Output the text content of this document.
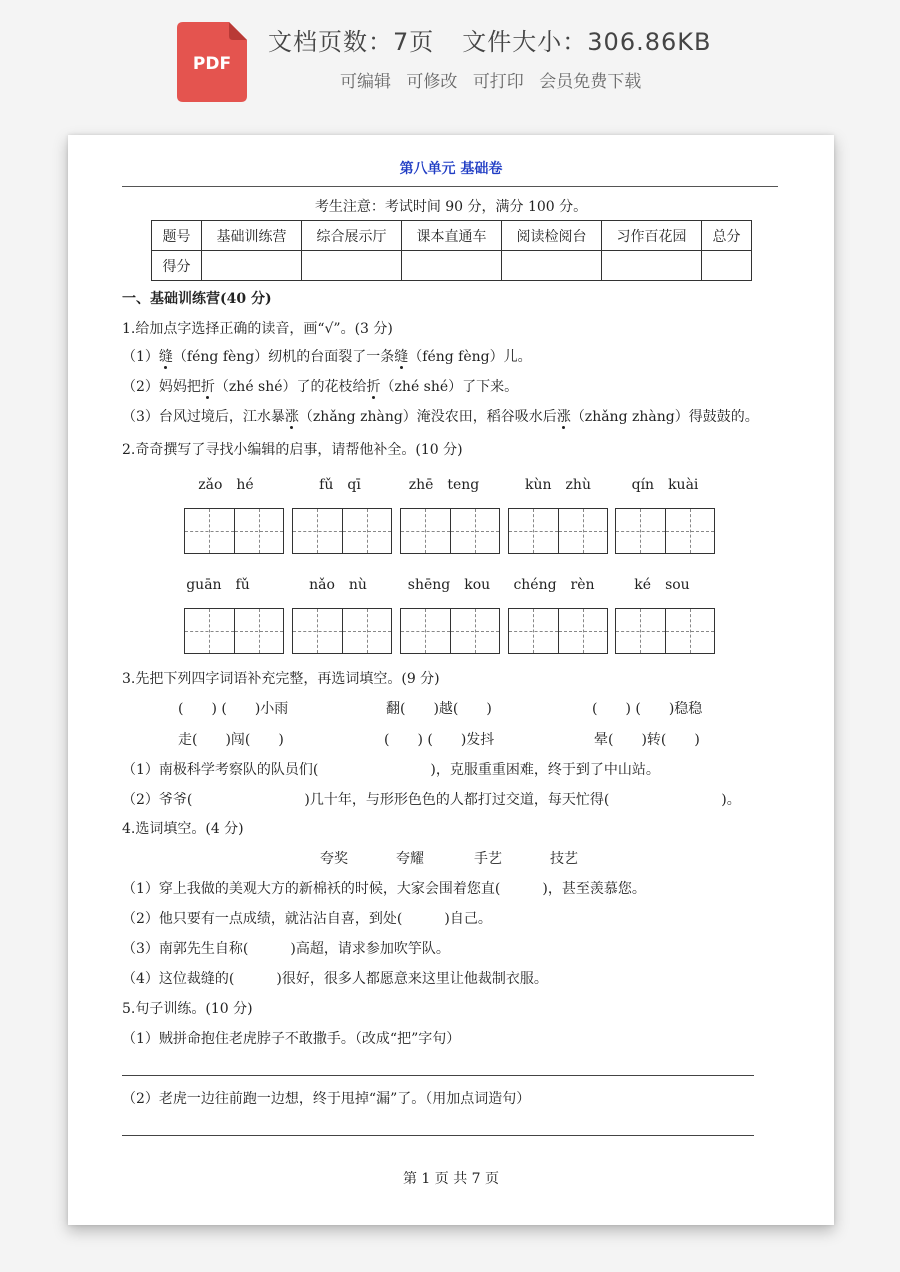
PDF
文档页数：7页 文件大小：306.86KB
可编辑 可修改 可打印 会员免费下载
第八单元 基础卷
考生注意：考试时间 90 分，满分 100 分。
题号	基础训练营	综合展示厅	课本直通车	阅读检阅台	习作百花园	总分
得分						
一、基础训练营(40 分)
1.给加点字选择正确的读音，画“√”。(3 分)
（1）缝（féng fèng）纫机的台面裂了一条缝（féng fèng）儿。
（2）妈妈把折（zhé shé）了的花枝给折（zhé shé）了下来。
（3）台风过境后，江水暴涨（zhǎng zhàng）淹没农田，稻谷吸水后涨（zhǎng zhàng）得鼓鼓的。
2.奇奇撰写了寻找小编辑的启事，请帮他补全。(10 分)
zǎo　hé	fǔ　qī	zhē　teng	kùn　zhù	qín　kuài
guān　fǔ	nǎo　nù	shēng　kou	chéng　rèn	ké　sou
3.先把下列四字词语补充完整，再选词填空。(9 分)
(　　) (　　)小雨	翻(　　)越(　　)	(　　) (　　)稳稳
走(　　)闯(　　)	(　　) (　　)发抖	晕(　　)转(　　)
（1）南极科学考察队的队员们(　　　　　　　　)，克服重重困难，终于到了中山站。
（2）爷爷(　　　　　　　　)几十年，与形形色色的人都打过交道，每天忙得(　　　　　　　　)。
4.选词填空。(4 分)
夸奖	夸耀	手艺	技艺
（1）穿上我做的美观大方的新棉袄的时候，大家会围着您直(　　　)，甚至羡慕您。
（2）他只要有一点成绩，就沾沾自喜，到处(　　　)自己。
（3）南郭先生自称(　　　)高超，请求参加吹竽队。
（4）这位裁缝的(　　　)很好，很多人都愿意来这里让他裁制衣服。
5.句子训练。(10 分)
（1）贼拼命抱住老虎脖子不敢撒手。（改成“把”字句）
（2）老虎一边往前跑一边想，终于甩掉“漏”了。（用加点词造句）
第 1 页 共 7 页
